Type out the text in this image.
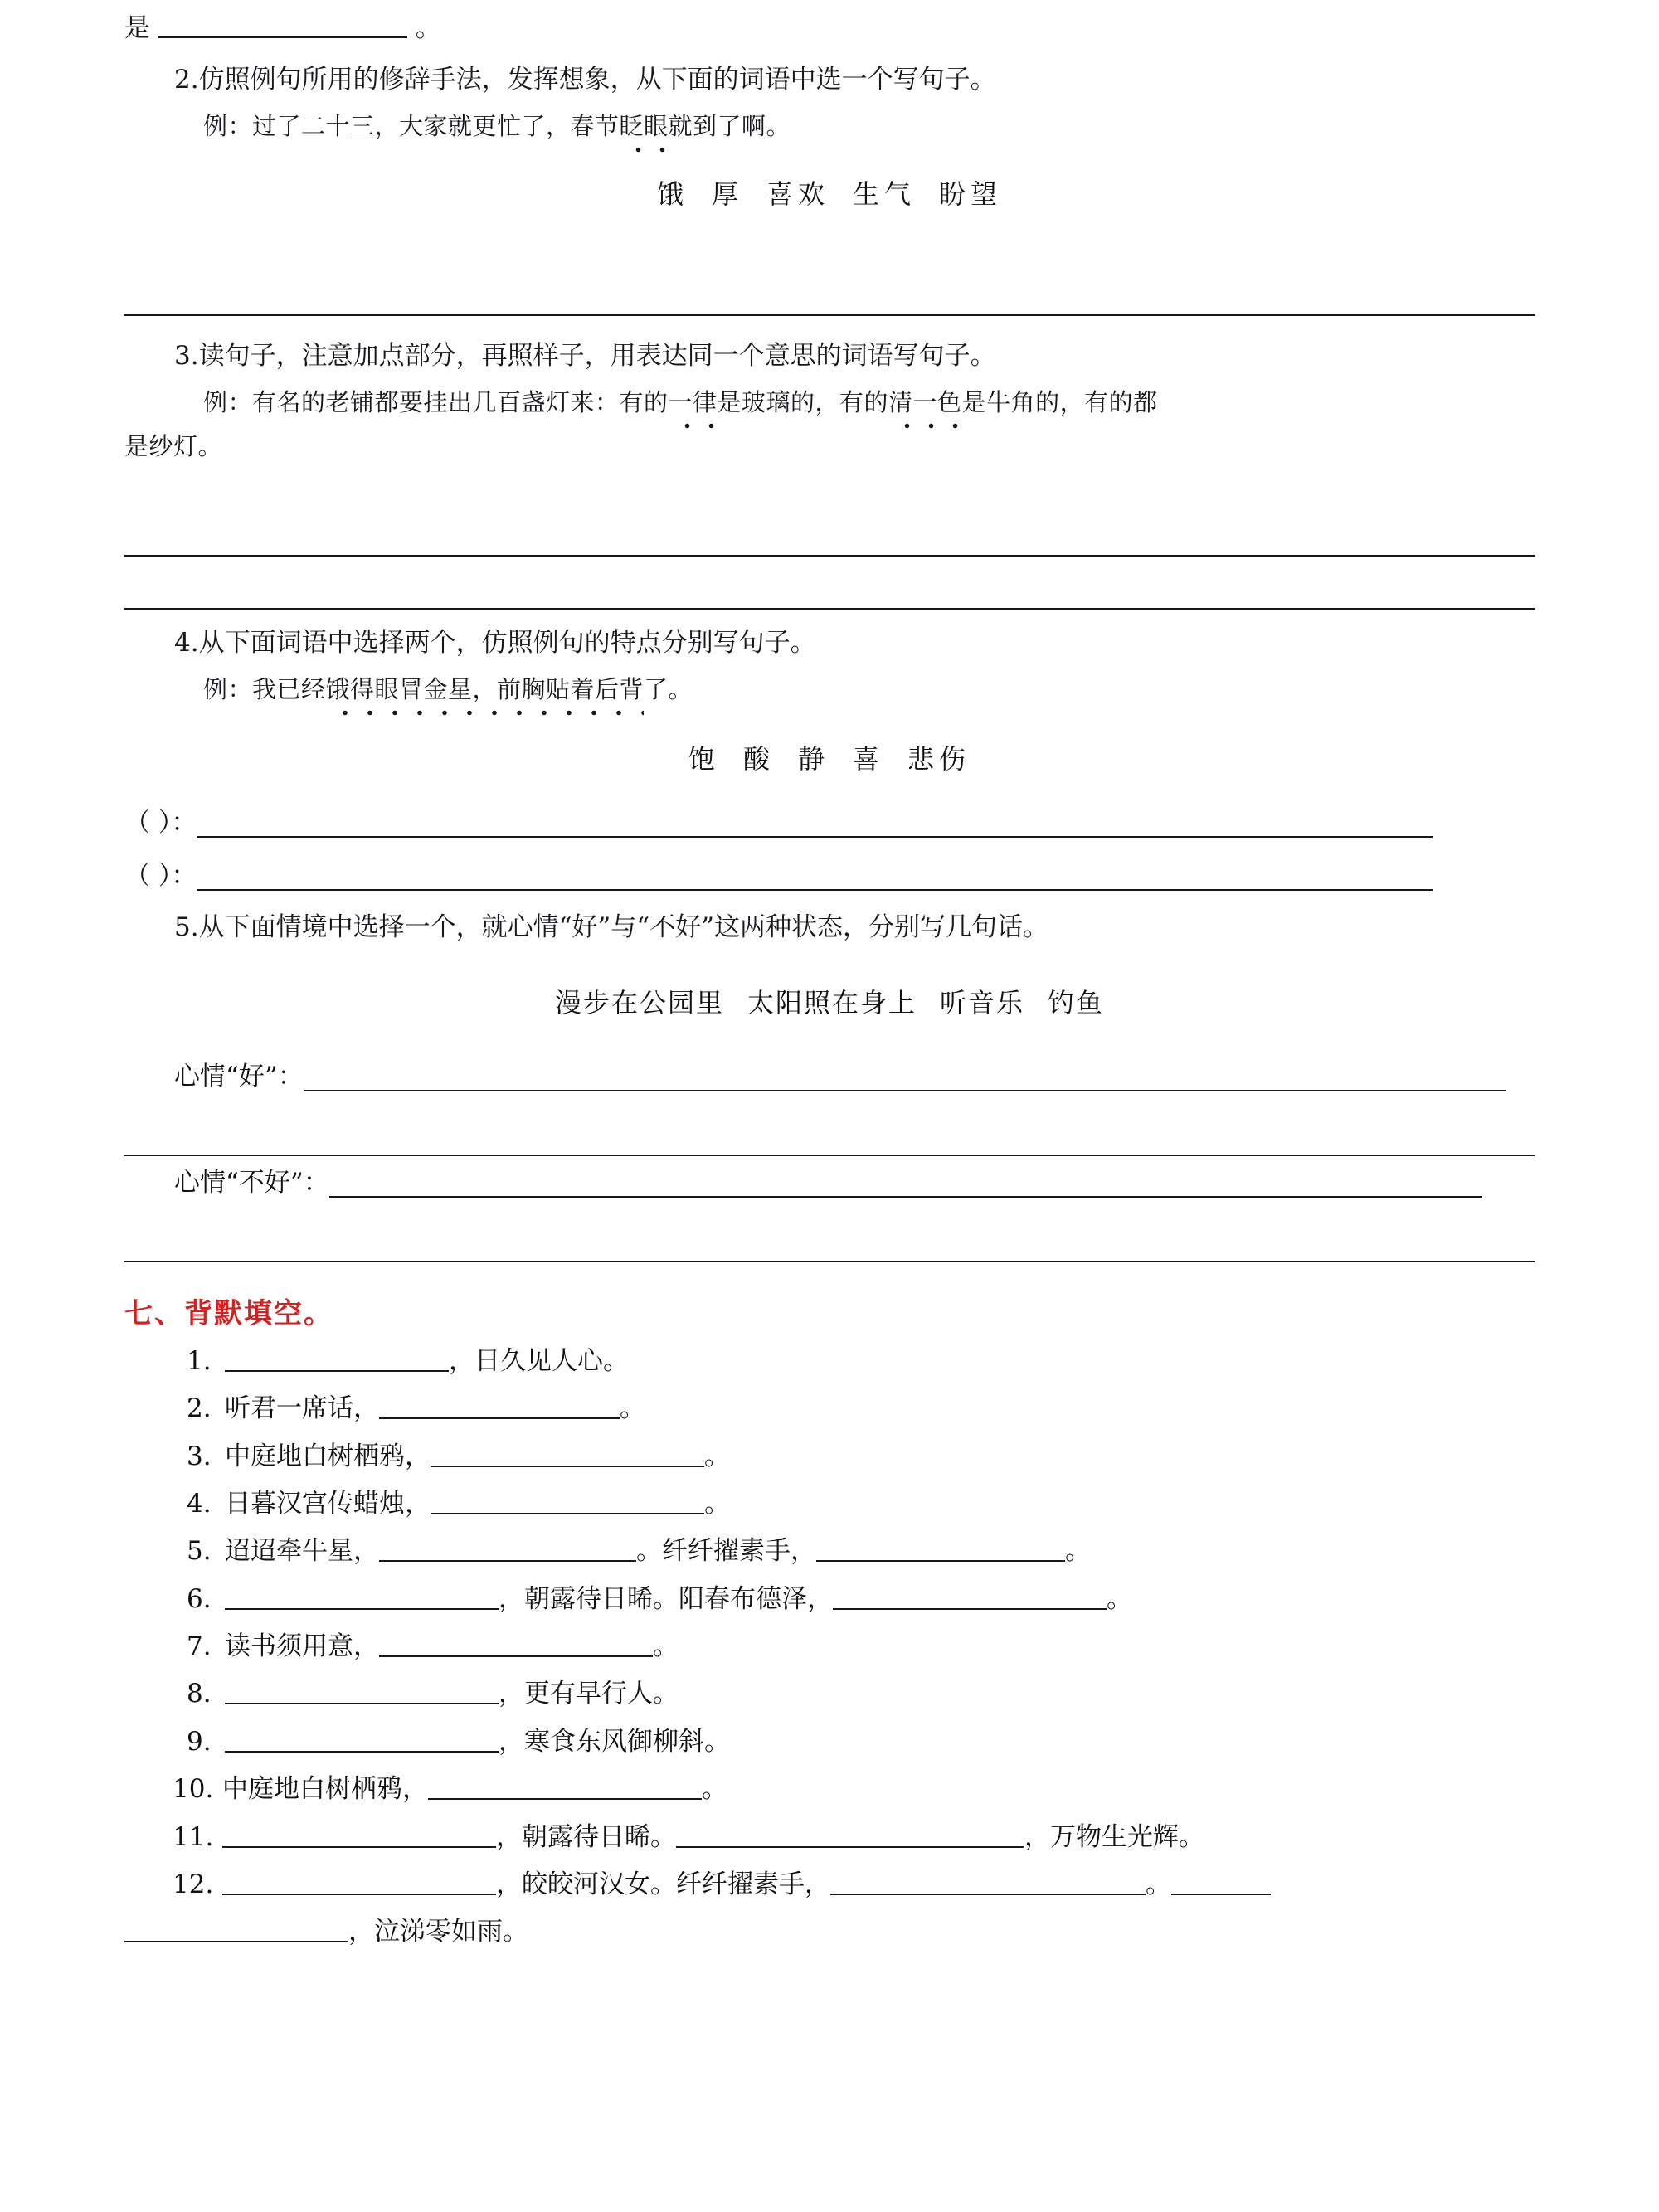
是	。
2.仿照例句所用的修辞手法，发挥想象，从下面的词语中选一个写句子。
例：过了二十三，大家就更忙了，春节眨眼就到了啊。
饿 厚 喜欢 生气 盼望
3.读句子，注意加点部分，再照样子，用表达同一个意思的词语写句子。
例：有名的老铺都要挂出几百盏灯来：有的一律是玻璃的，有的清一色是牛角的，有的都
是纱灯。
4.从下面词语中选择两个，仿照例句的特点分别写句子。
例：我已经饿得眼冒金星，前胸贴着后背了。
饱 酸 静 喜 悲伤
（ ）：
（ ）：
5.从下面情境中选择一个，就心情“好”与“不好”这两种状态，分别写几句话。
漫步在公园里 太阳照在身上 听音乐 钓鱼
心情“好”：
心情“不好”：
七、背默填空。
1.	，日久见人心。
2. 听君一席话，	。
3. 中庭地白树栖鸦，	。
4. 日暮汉宫传蜡烛，	。
5. 迢迢牵牛星，	。纤纤擢素手，	。
6.	，朝露待日晞。阳春布德泽，	。
7. 读书须用意，	。
8.	，更有早行人。
9.	，寒食东风御柳斜。
10. 中庭地白树栖鸦，	。
11.	，朝露待日晞。	，万物生光辉。
12.	，皎皎河汉女。纤纤擢素手，	。
，泣涕零如雨。
